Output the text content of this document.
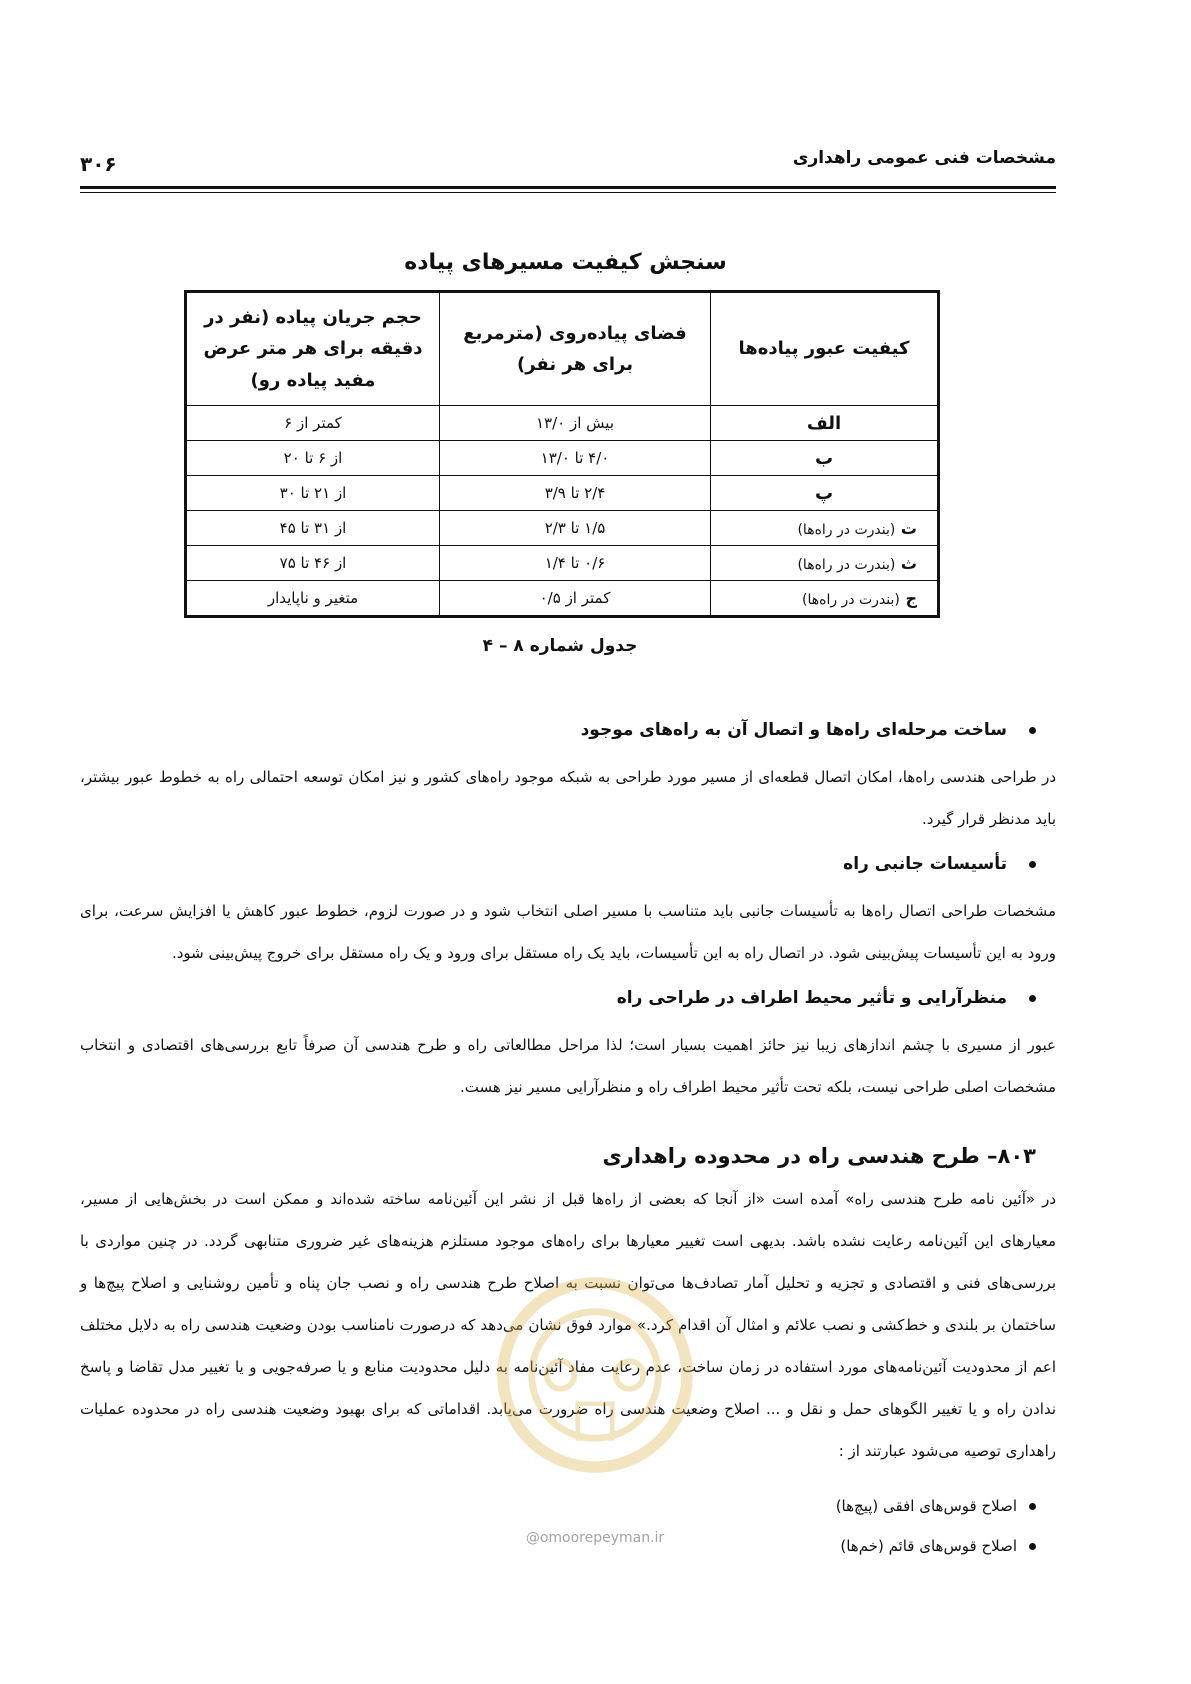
مشخصات فنی عمومی راهداری
۳۰۶
سنجش کیفیت مسیرهای پیاده
کیفیت عبور پیاده‌ها	فضای پیاده‌روی (مترمربع برای هر نفر)	حجم جریان پیاده (نفر در دقیقه برای هر متر عرض مفید پیاده رو)
الف	بیش از ۱۳/۰	کمتر از ۶
ب	۴/۰ تا ۱۳/۰	از ۶ تا ۲۰
پ	۲/۴ تا ۳/۹	از ۲۱ تا ۳۰
ت (بندرت در راه‌ها)	۱/۵ تا ۲/۳	از ۳۱ تا ۴۵
ث (بندرت در راه‌ها)	۰/۶ تا ۱/۴	از ۴۶ تا ۷۵
ج (بندرت در راه‌ها)	کمتر از ۰/۵	متغیر و ناپایدار
جدول شماره ۸ – ۴
ساخت مرحله‌ای راه‌ها و اتصال آن به راه‌های موجود

در طراحی هندسی راه‌ها، امکان اتصال قطعه‌ای از مسیر مورد طراحی به شبکه موجود راه‌های کشور و نیز امکان توسعه احتمالی راه به خطوط عبور بیشتر، باید مدنظر قرار گیرد.

تأسیسات جانبی راه

مشخصات طراحی اتصال راه‌ها به تأسیسات جانبی باید متناسب با مسیر اصلی انتخاب شود و در صورت لزوم، خطوط عبور کاهش یا افزایش سرعت، برای ورود به این تأسیسات پیش‌بینی شود. در اتصال راه به این تأسیسات، باید یک راه مستقل برای ورود و یک راه مستقل برای خروج پیش‌بینی شود.

منظرآرایی و تأثیر محیط اطراف در طراحی راه

عبور از مسیری با چشم اندازهای زیبا نیز حائز اهمیت بسیار است؛ لذا مراحل مطالعاتی راه و طرح هندسی آن صرفاً تابع بررسی‌های اقتصادی و انتخاب مشخصات اصلی طراحی نیست، بلکه تحت تأثیر محیط اطراف راه و منظرآرایی مسیر نیز هست.

۸۰۳– طرح هندسی راه در محدوده راهداری

در «آئین نامه طرح هندسی راه» آمده است «از آنجا که بعضی از راه‌ها قبل از نشر این آئین‌نامه ساخته شده‌اند و ممکن است در بخش‌هایی از مسیر، معیارهای این آئین‌نامه رعایت نشده باشد. بدیهی است تغییر معیارها برای راه‌های موجود مستلزم هزینه‌های غیر ضروری متنابهی گردد. در چنین مواردی با بررسی‌های فنی و اقتصادی و تجزیه و تحلیل آمار تصادف‌ها می‌توان نسبت به اصلاح طرح هندسی راه و نصب جان پناه و تأمین روشنایی و اصلاح پیچ‌ها و ساختمان بر بلندی و خط‌کشی و نصب علائم و امثال آن اقدام کرد.» موارد فوق نشان می‌دهد که درصورت نامناسب بودن وضعیت هندسی راه به دلایل مختلف اعم از محدودیت آئین‌نامه‌های مورد استفاده در زمان ساخت، عدم رعایت مفاد آئین‌نامه به دلیل محدودیت منابع و یا صرفه‌جویی و یا تغییر مدل تقاضا و پاسخ ندادن راه و یا تغییر الگوهای حمل و نقل و ... اصلاح وضعیت هندسی راه ضرورت می‌یابد. اقداماتی که برای بهبود وضعیت هندسی راه در محدوده عملیات راهداری توصیه می‌شود عبارتند از :

اصلاح قوس‌های افقی (پیچ‌ها)
اصلاح قوس‌های قائم (خم‌ها)
@omoorepeyman.ir
